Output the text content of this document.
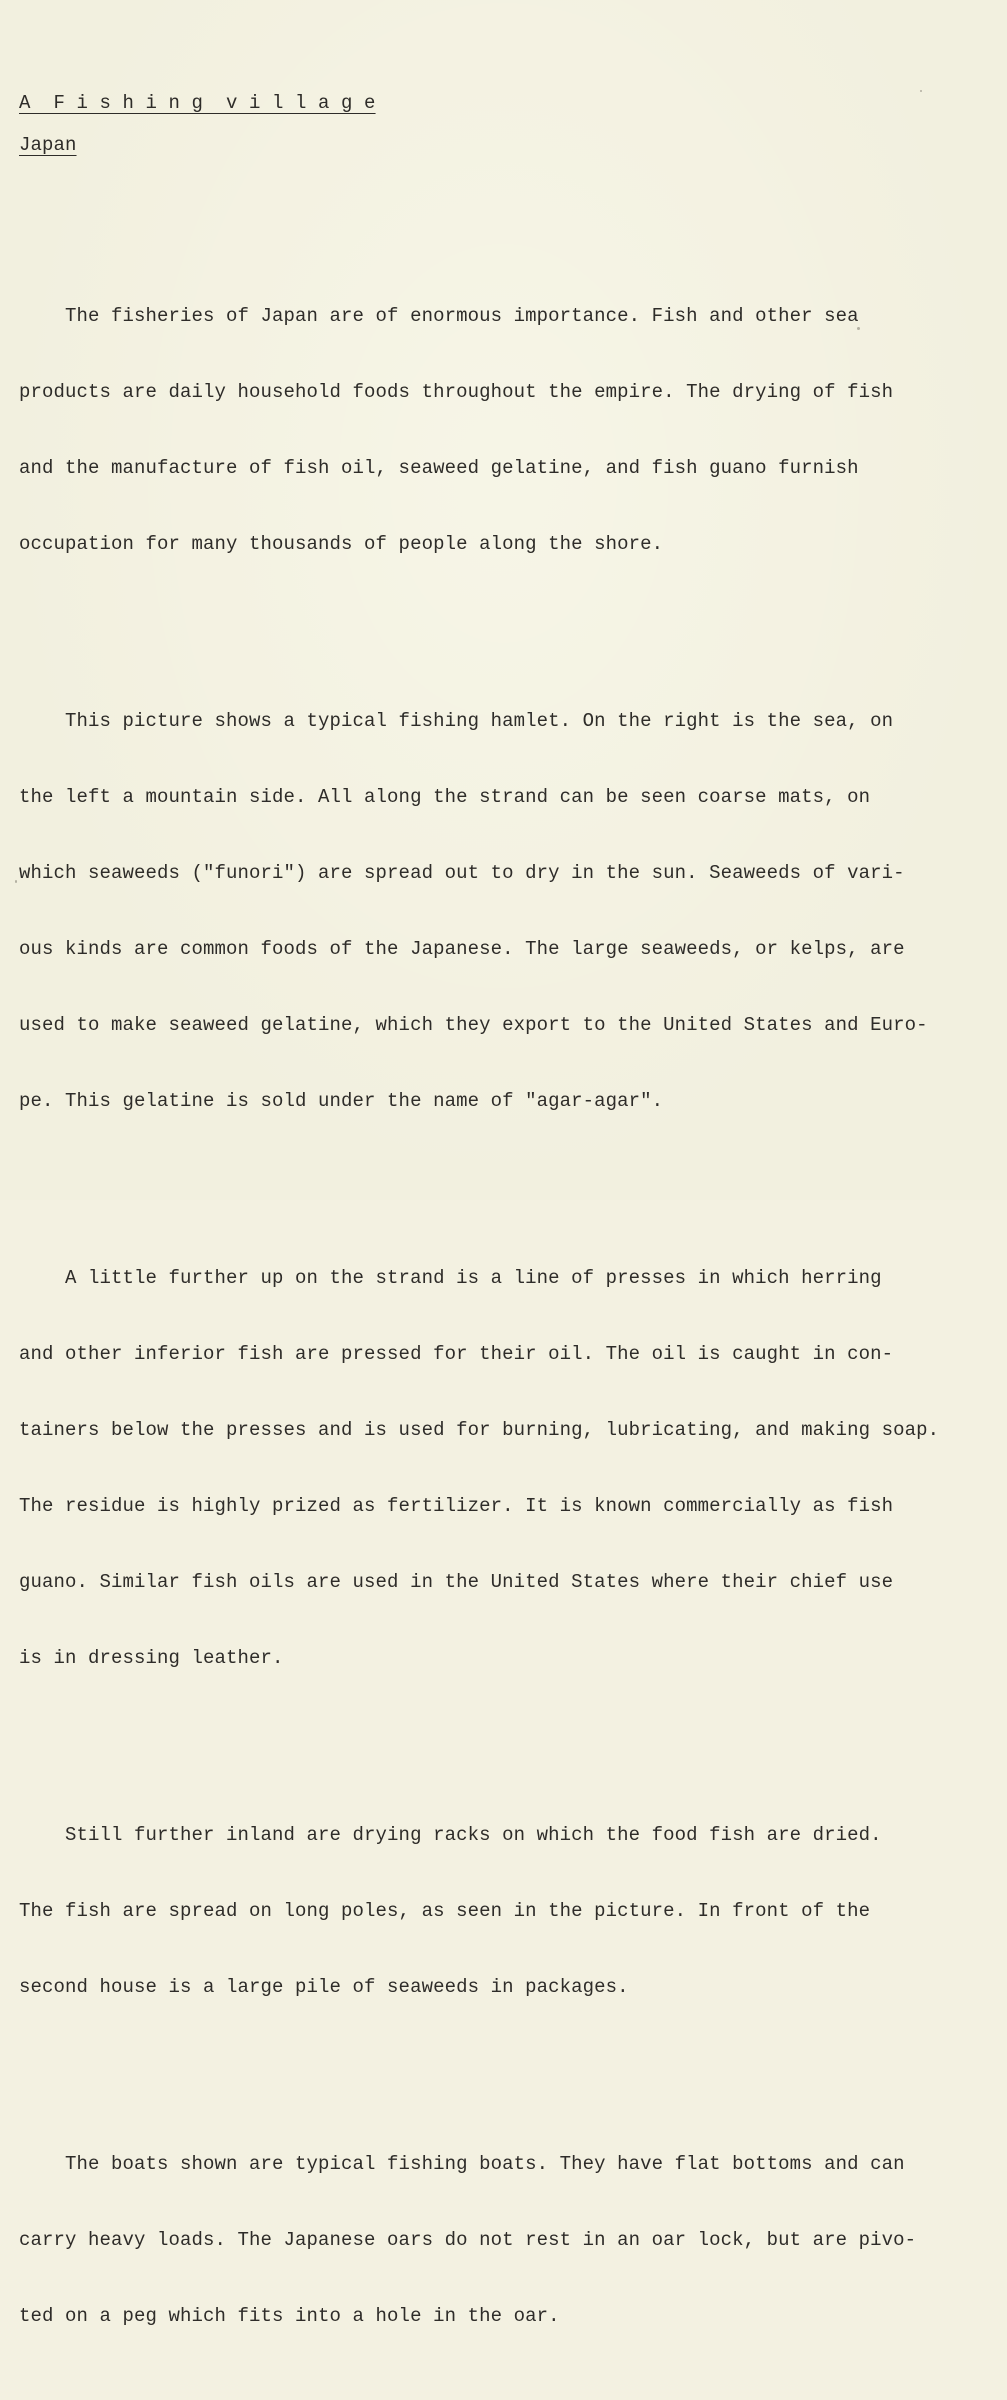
A  F i s h i n g  v i l l a g e
Japan

The fisheries of Japan are of enormous importance. Fish and other sea

products are daily household foods throughout the empire. The drying of fish

and the manufacture of fish oil, seaweed gelatine, and fish guano furnish

occupation for many thousands of people along the shore.

This picture shows a typical fishing hamlet. On the right is the sea, on

the left a mountain side. All along the strand can be seen coarse mats, on

which seaweeds ("funori") are spread out to dry in the sun. Seaweeds of vari-

ous kinds are common foods of the Japanese. The large seaweeds, or kelps, are

used to make seaweed gelatine, which they export to the United States and Euro-

pe. This gelatine is sold under the name of "agar-agar".

A little further up on the strand is a line of presses in which herring

and other inferior fish are pressed for their oil. The oil is caught in con-

tainers below the presses and is used for burning, lubricating, and making soap.

The residue is highly prized as fertilizer. It is known commercially as fish

guano. Similar fish oils are used in the United States where their chief use

is in dressing leather.

Still further inland are drying racks on which the food fish are dried.

The fish are spread on long poles, as seen in the picture. In front of the

second house is a large pile of seaweeds in packages.

The boats shown are typical fishing boats. They have flat bottoms and can

carry heavy loads. The Japanese oars do not rest in an oar lock, but are pivo-

ted on a peg which fits into a hole in the oar.
